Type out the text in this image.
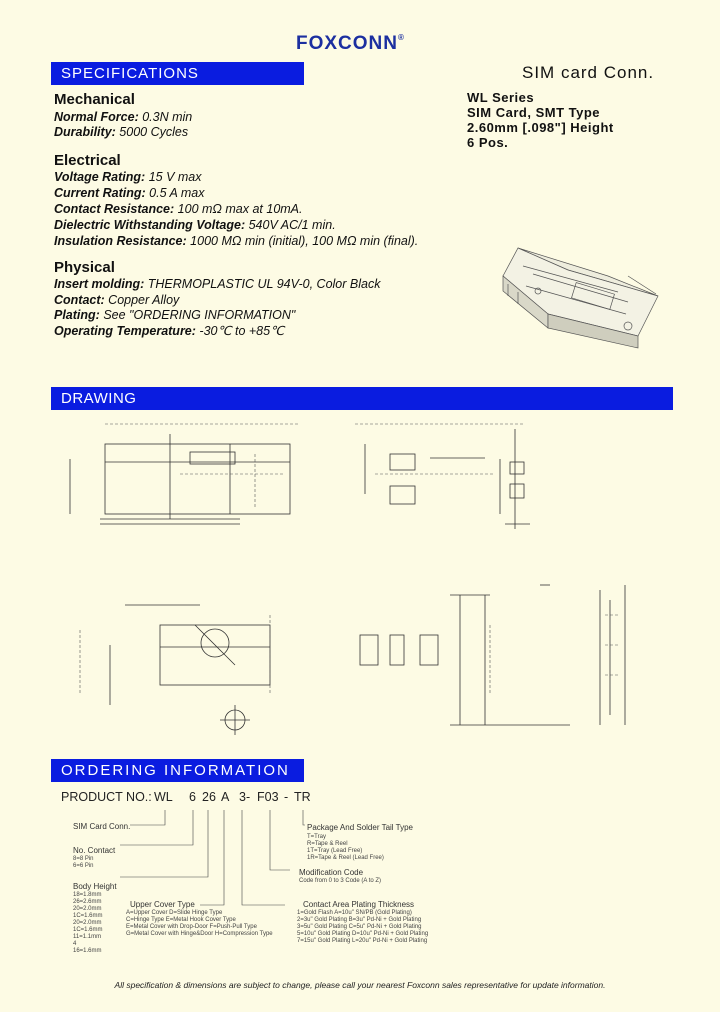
FOXCONN®
SPECIFICATIONS	SIM card Conn.
WL Series
SIM Card, SMT Type
2.60mm [.098"] Height
6 Pos.
Mechanical
Normal Force: 0.3N min
Durability: 5000 Cycles
Electrical
Voltage Rating: 15 V max
Current Rating: 0.5 A max
Contact Resistance: 100 mΩ max at 10mA.
Dielectric Withstanding Voltage: 540V AC/1 min.
Insulation Resistance: 1000 MΩ min (initial), 100 MΩ min (final).
Physical
Insert molding: THERMOPLASTIC UL 94V-0, Color Black
Contact: Copper Alloy
Plating: See "ORDERING INFORMATION"
Operating Temperature: -30℃ to +85℃
DRAWING
ORDERING INFORMATION
PRODUCT NO.: WL 6 26 A 3- F03 - TR
SIM Card Conn.
No. Contact
8=8 Pin
6=6 Pin
Body Height
18=1.8mm
26=2.6mm
20=2.0mm
1C=1.6mm
20=2.0mm
1C=1.6mm
11=1.1mm
4
16=1.6mm
Upper Cover Type
A=Upper Cover D=Slide Hinge Type
C=Hinge Type E=Metal Hook Cover Type
E=Metal Cover with Drop-Door F=Push-Pull Type
G=Metal Cover with Hinge&Door H=Compression Type
Package And Solder Tail Type
T=Tray
R=Tape & Reel
1T=Tray (Lead Free)
1R=Tape & Reel (Lead Free)
Modification Code
Code from 0 to 3 Code (A to Z)
Contact Area Plating Thickness
1=Gold Flash A=10u" SN/PB (Gold Plating)
2=3u" Gold Plating B=3u" Pd-Ni + Gold Plating
3=5u" Gold Plating C=5u" Pd-Ni + Gold Plating
5=10u" Gold Plating D=10u" Pd-Ni + Gold Plating
7=15u" Gold Plating L=20u" Pd-Ni + Gold Plating
All specification & dimensions are subject to change, please call your nearest Foxconn sales representative for update information.
